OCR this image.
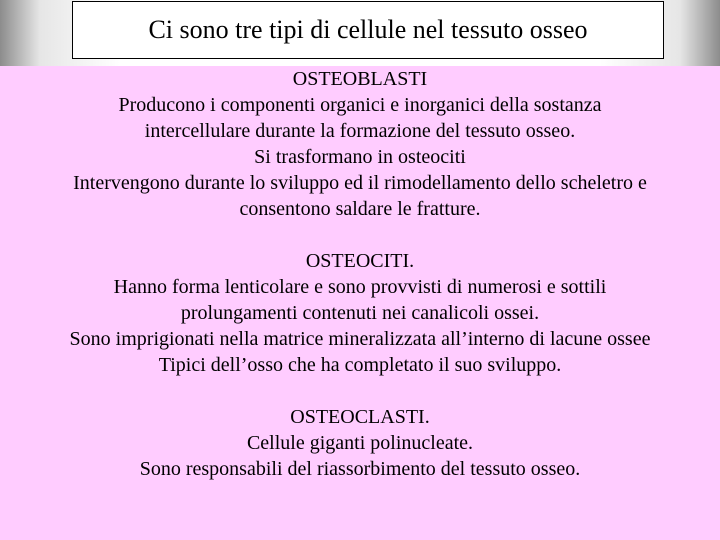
Ci sono tre tipi di cellule nel tessuto osseo
OSTEOBLASTI
Producono i componenti organici e inorganici della sostanza
intercellulare durante la formazione del tessuto osseo.
Si trasformano in osteociti
Intervengono durante lo sviluppo ed il rimodellamento dello scheletro e
consentono saldare le fratture.
OSTEOCITI.
Hanno forma lenticolare e sono provvisti di numerosi e sottili
prolungamenti contenuti nei canalicoli ossei.
Sono imprigionati nella matrice mineralizzata all’interno di lacune ossee
Tipici dell’osso che ha completato il suo sviluppo.
OSTEOCLASTI.
Cellule giganti polinucleate.
Sono responsabili del riassorbimento del tessuto osseo.
